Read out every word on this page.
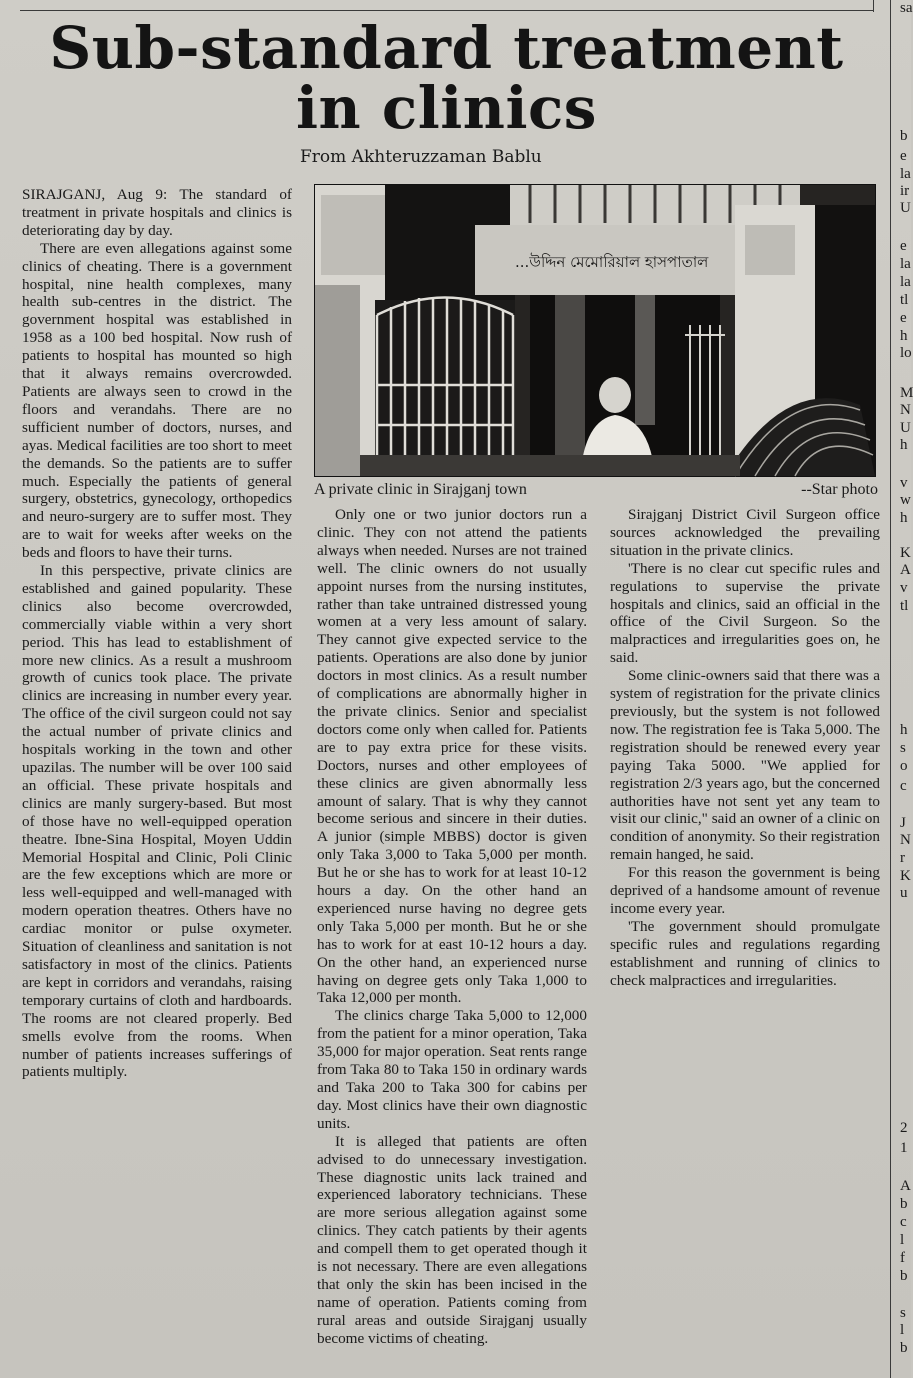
Sub-standard treatment
in clinics
From Akhteruzzaman Bablu
...উদ্দিন মেমোরিয়াল হাসপাতাল
A private clinic in Sirajganj town	--Star photo

SIRAJGANJ, Aug 9: The standard of treatment in private hospitals and clinics is deteriorating day by day.

There are even allegations against some clinics of cheating. There is a government hospital, nine health complexes, many health sub-centres in the district. The government hospital was established in 1958 as a 100 bed hospital. Now rush of patients to hospital has mounted so high that it always remains overcrowded. Patients are always seen to crowd in the floors and verandahs. There are no sufficient number of doctors, nurses, and ayas. Medical facilities are too short to meet the demands. So the patients are to suffer much. Especially the patients of general surgery, obstetrics, gynecology, orthopedics and neuro-surgery are to suffer most. They are to wait for weeks after weeks on the beds and floors to have their turns.

In this perspective, private clinics are established and gained popularity. These clinics also become overcrowded, commercially viable within a very short period. This has lead to establishment of more new clinics. As a result a mushroom growth of cunics took place. The private clinics are increasing in number every year. The office of the civil surgeon could not say the actual number of private clinics and hospitals working in the town and other upazilas. The number will be over 100 said an official. These private hospitals and clinics are manly surgery-based. But most of those have no well-equipped operation theatre. Ibne-Sina Hospital, Moyen Uddin Memorial Hospital and Clinic, Poli Clinic are the few exceptions which are more or less well-equipped and well-managed with modern operation theatres. Others have no cardiac monitor or pulse oxymeter. Situation of cleanliness and sanitation is not satisfactory in most of the clinics. Patients are kept in corridors and verandahs, raising temporary curtains of cloth and hardboards. The rooms are not cleared properly. Bed smells evolve from the rooms. When number of patients increases sufferings of patients multiply.

Only one or two junior doctors run a clinic. They con not attend the patients always when needed. Nurses are not trained well. The clinic owners do not usually appoint nurses from the nursing institutes, rather than take untrained distressed young women at a very less amount of salary. They cannot give expected service to the patients. Operations are also done by junior doctors in most clinics. As a result number of complications are abnormally higher in the private clinics. Senior and specialist doctors come only when called for. Patients are to pay extra price for these visits. Doctors, nurses and other employees of these clinics are given abnormally less amount of salary. That is why they cannot become serious and sincere in their duties. A junior (simple MBBS) doctor is given only Taka 3,000 to Taka 5,000 per month. But he or she has to work for at least 10-12 hours a day. On the other hand an experienced nurse having no degree gets only Taka 5,000 per month. But he or she has to work for at east 10-12 hours a day. On the other hand, an experienced nurse having on degree gets only Taka 1,000 to Taka 12,000 per month.

The clinics charge Taka 5,000 to 12,000 from the patient for a minor operation, Taka 35,000 for major operation. Seat rents range from Taka 80 to Taka 150 in ordinary wards and Taka 200 to Taka 300 for cabins per day. Most clinics have their own diagnostic units.

It is alleged that patients are often advised to do unnecessary investigation. These diagnostic units lack trained and experienced laboratory technicians. These are more serious allegation against some clinics. They catch patients by their agents and compell them to get operated though it is not necessary. There are even allegations that only the skin has been incised in the name of operation. Patients coming from rural areas and outside Sirajganj usually become victims of cheating.

Sirajganj District Civil Surgeon office sources acknowledged the prevailing situation in the private clinics.

'There is no clear cut specific rules and regulations to supervise the private hospitals and clinics, said an official in the office of the Civil Surgeon. So the malpractices and irregularities goes on, he said.

Some clinic-owners said that there was a system of registration for the private clinics previously, but the system is not followed now. The registration fee is Taka 5,000. The registration should be renewed every year paying Taka 5000. "We applied for registration 2/3 years ago, but the concerned authorities have not sent yet any team to visit our clinic," said an owner of a clinic on condition of anonymity. So their registration remain hanged, he said.

For this reason the government is being deprived of a handsome amount of revenue income every year.

'The government should promulgate specific rules and regulations regarding establishment and running of clinics to check malpractices and irregularities.

sa
b
e
la
ir
U
e
la
la
tl
e
h
lo
M
N
U
h
v
w
h
K
A
v
tl
h
s
o
c
J
N
r
K
u
2
1
A
b
c
l
f
b
s
l
b
